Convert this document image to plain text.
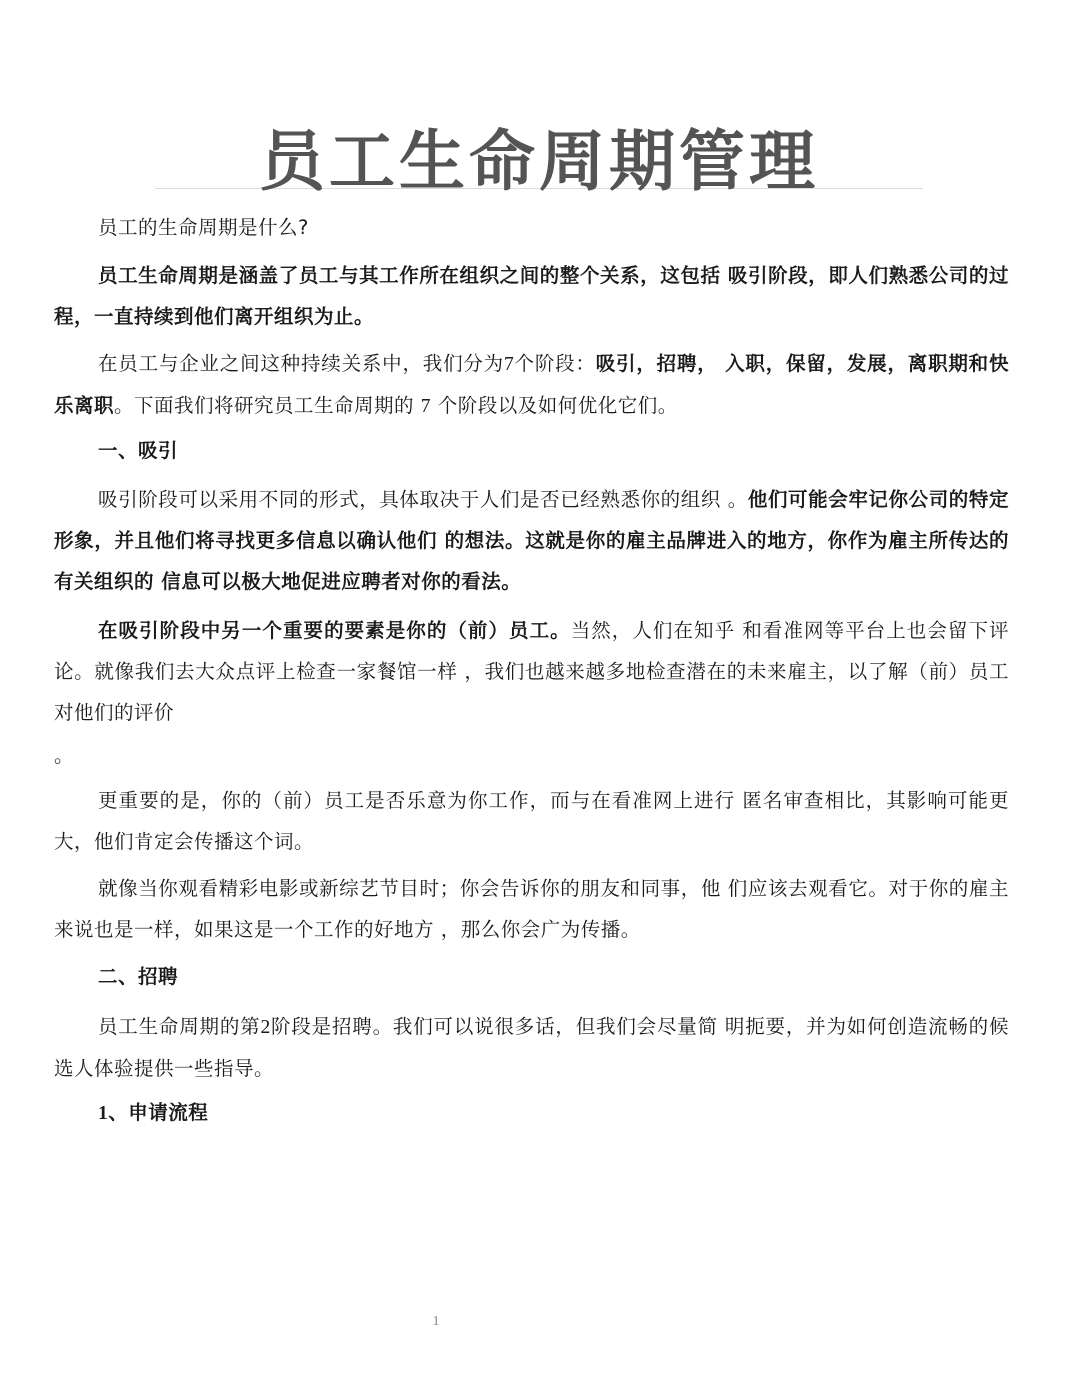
员工生命周期管理

员工的生命周期是什么?

员工生命周期是涵盖了员工与其工作所在组织之间的整个关系，这包括 吸引阶段，即人们熟悉公司的过程，一直持续到他们离开组织为止。

在员工与企业之间这种持续关系中，我们分为7个阶段：吸引，招聘， 入职，保留，发展，离职期和快乐离职。下面我们将研究员工生命周期的 7 个阶段以及如何优化它们。

一、吸引

吸引阶段可以采用不同的形式，具体取决于人们是否已经熟悉你的组织 。他们可能会牢记你公司的特定形象，并且他们将寻找更多信息以确认他们 的想法。这就是你的雇主品牌进入的地方，你作为雇主所传达的有关组织的 信息可以极大地促进应聘者对你的看法。

在吸引阶段中另一个重要的要素是你的（前）员工。当然，人们在知乎 和看准网等平台上也会留下评论。就像我们去大众点评上检查一家餐馆一样 ，我们也越来越多地检查潜在的未来雇主，以了解（前）员工对他们的评价

。

更重要的是，你的（前）员工是否乐意为你工作，而与在看准网上进行 匿名审查相比，其影响可能更大，他们肯定会传播这个词。

就像当你观看精彩电影或新综艺节目时；你会告诉你的朋友和同事，他 们应该去观看它。对于你的雇主来说也是一样，如果这是一个工作的好地方 ，那么你会广为传播。

二、招聘

员工生命周期的第2阶段是招聘。我们可以说很多话，但我们会尽量简 明扼要，并为如何创造流畅的候选人体验提供一些指导。

1、申请流程
1
